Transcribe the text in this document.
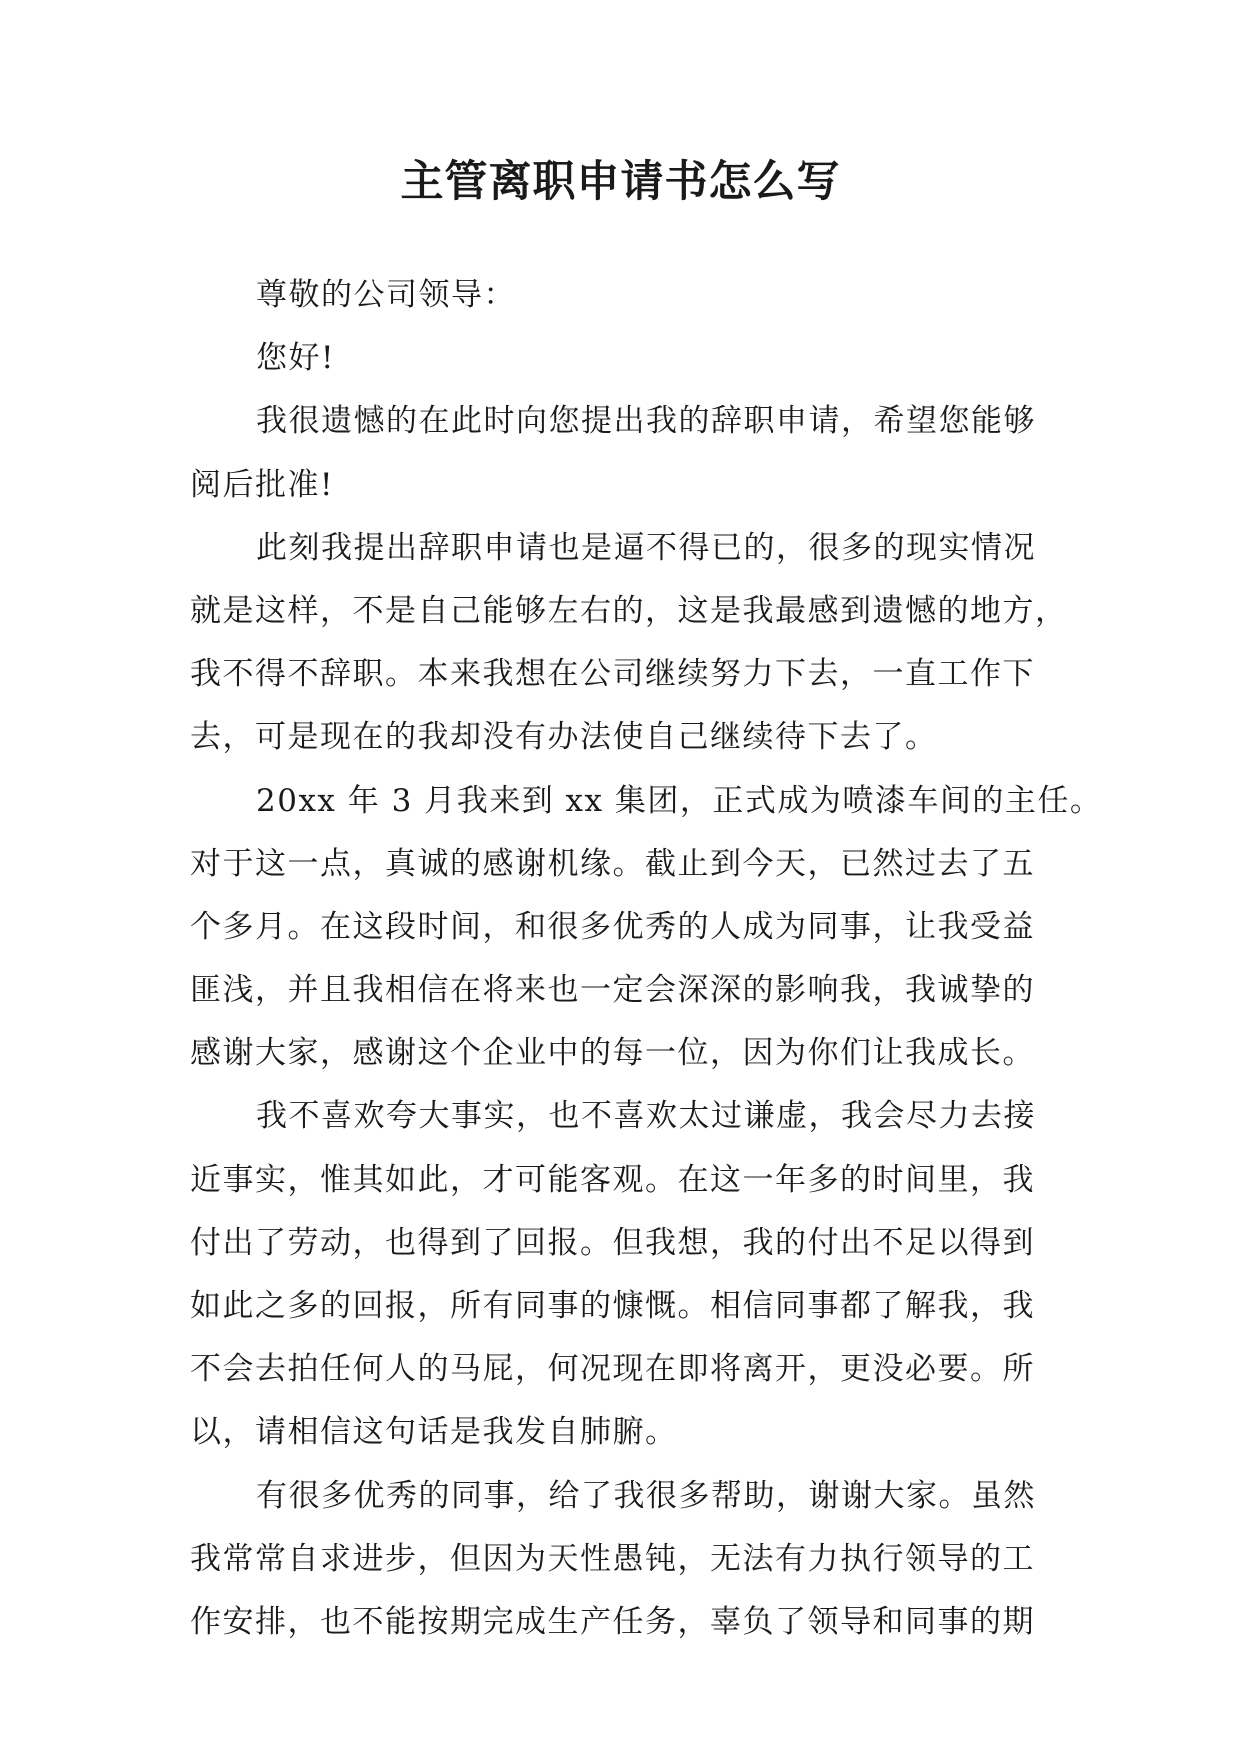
主管离职申请书怎么写
尊敬的公司领导：
您好!
我很遗憾的在此时向您提出我的辞职申请，希望您能够
阅后批准!
此刻我提出辞职申请也是逼不得已的，很多的现实情况
就是这样，不是自己能够左右的，这是我最感到遗憾的地方，
我不得不辞职。本来我想在公司继续努力下去，一直工作下
去，可是现在的我却没有办法使自己继续待下去了。
20xx 年 3 月我来到 xx 集团，正式成为喷漆车间的主任。
对于这一点，真诚的感谢机缘。截止到今天，已然过去了五
个多月。在这段时间，和很多优秀的人成为同事，让我受益
匪浅，并且我相信在将来也一定会深深的影响我，我诚挚的
感谢大家，感谢这个企业中的每一位，因为你们让我成长。
我不喜欢夸大事实，也不喜欢太过谦虚，我会尽力去接
近事实，惟其如此，才可能客观。在这一年多的时间里，我
付出了劳动，也得到了回报。但我想，我的付出不足以得到
如此之多的回报，所有同事的慷慨。相信同事都了解我，我
不会去拍任何人的马屁，何况现在即将离开，更没必要。所
以，请相信这句话是我发自肺腑。
有很多优秀的同事，给了我很多帮助，谢谢大家。虽然
我常常自求进步，但因为天性愚钝，无法有力执行领导的工
作安排，也不能按期完成生产任务，辜负了领导和同事的期
